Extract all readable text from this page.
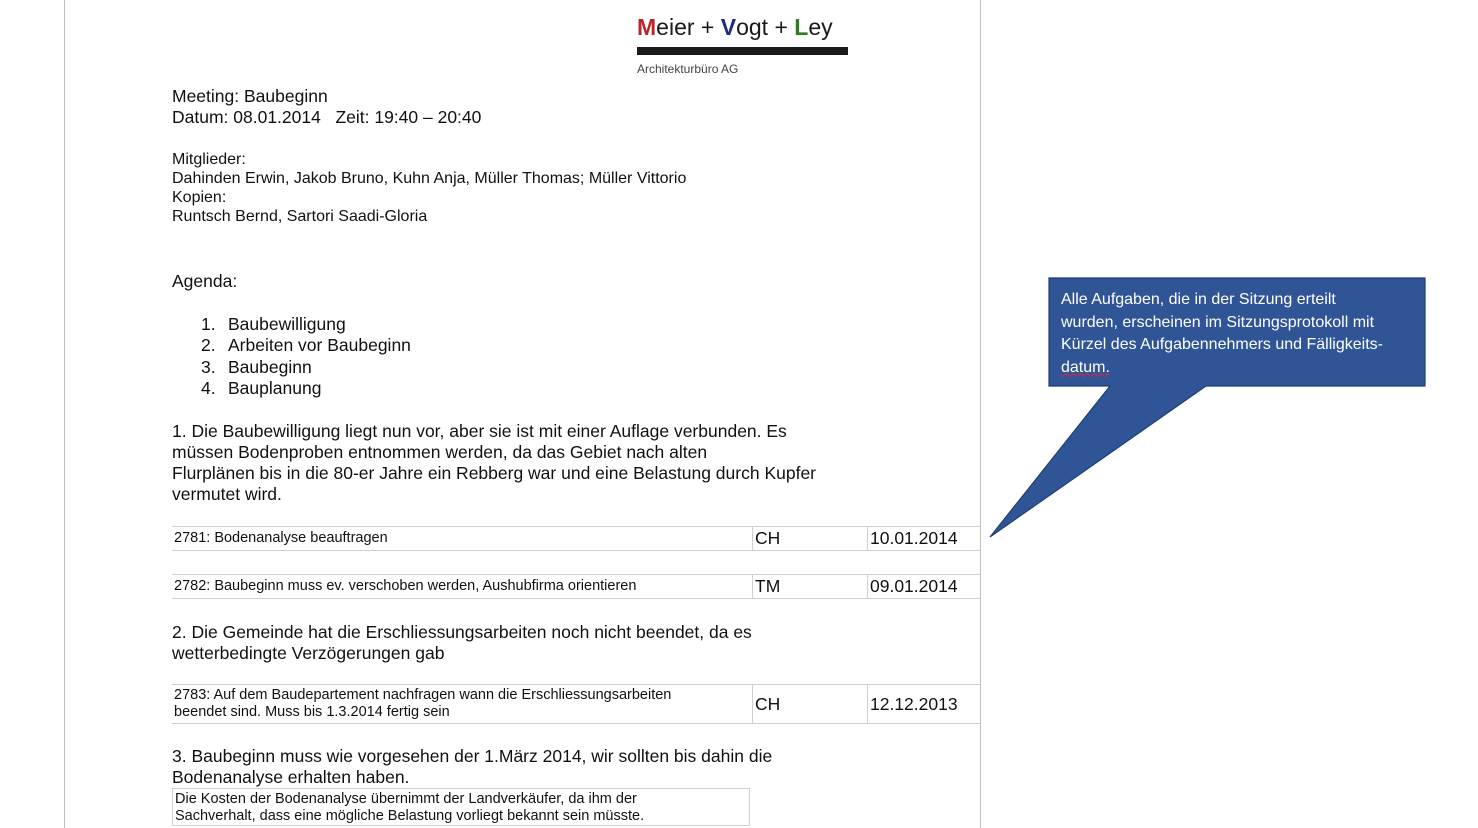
Meier + Vogt + Ley
Architekturbüro AG
Meeting: Baubeginn
Datum: 08.01.2014   Zeit: 19:40 – 20:40
Mitglieder:
Dahinden Erwin, Jakob Bruno, Kuhn Anja, Müller Thomas; Müller Vittorio
Kopien:
Runtsch Bernd, Sartori Saadi-Gloria
Agenda:
1. Baubewilligung
2. Arbeiten vor Baubeginn
3. Baubeginn
4. Bauplanung
1. Die Baubewilligung liegt nun vor, aber sie ist mit einer Auflage verbunden. Es
müssen Bodenproben entnommen werden, da das Gebiet nach alten
Flurplänen bis in die 80-er Jahre ein Rebberg war und eine Belastung durch Kupfer
vermutet wird.
2781: Bodenanalyse beauftragen	CH	10.01.2014
2782: Baubeginn muss ev. verschoben werden, Aushubfirma orientieren	TM	09.01.2014
2. Die Gemeinde hat die Erschliessungsarbeiten noch nicht beendet, da es
wetterbedingte Verzögerungen gab
2783: Auf dem Baudepartement nachfragen wann die Erschliessungsarbeiten
beendet sind. Muss bis 1.3.2014 fertig sein	CH	12.12.2013
3. Baubeginn muss wie vorgesehen der 1.März 2014, wir sollten bis dahin die
Bodenanalyse erhalten haben.
Die Kosten der Bodenanalyse übernimmt der Landverkäufer, da ihm der
Sachverhalt, dass eine mögliche Belastung vorliegt bekannt sein müsste.
Alle Aufgaben, die in der Sitzung erteilt
wurden, erscheinen im Sitzungsprotokoll mit
Kürzel des Aufgabennehmers und Fälligkeits-
datum.
